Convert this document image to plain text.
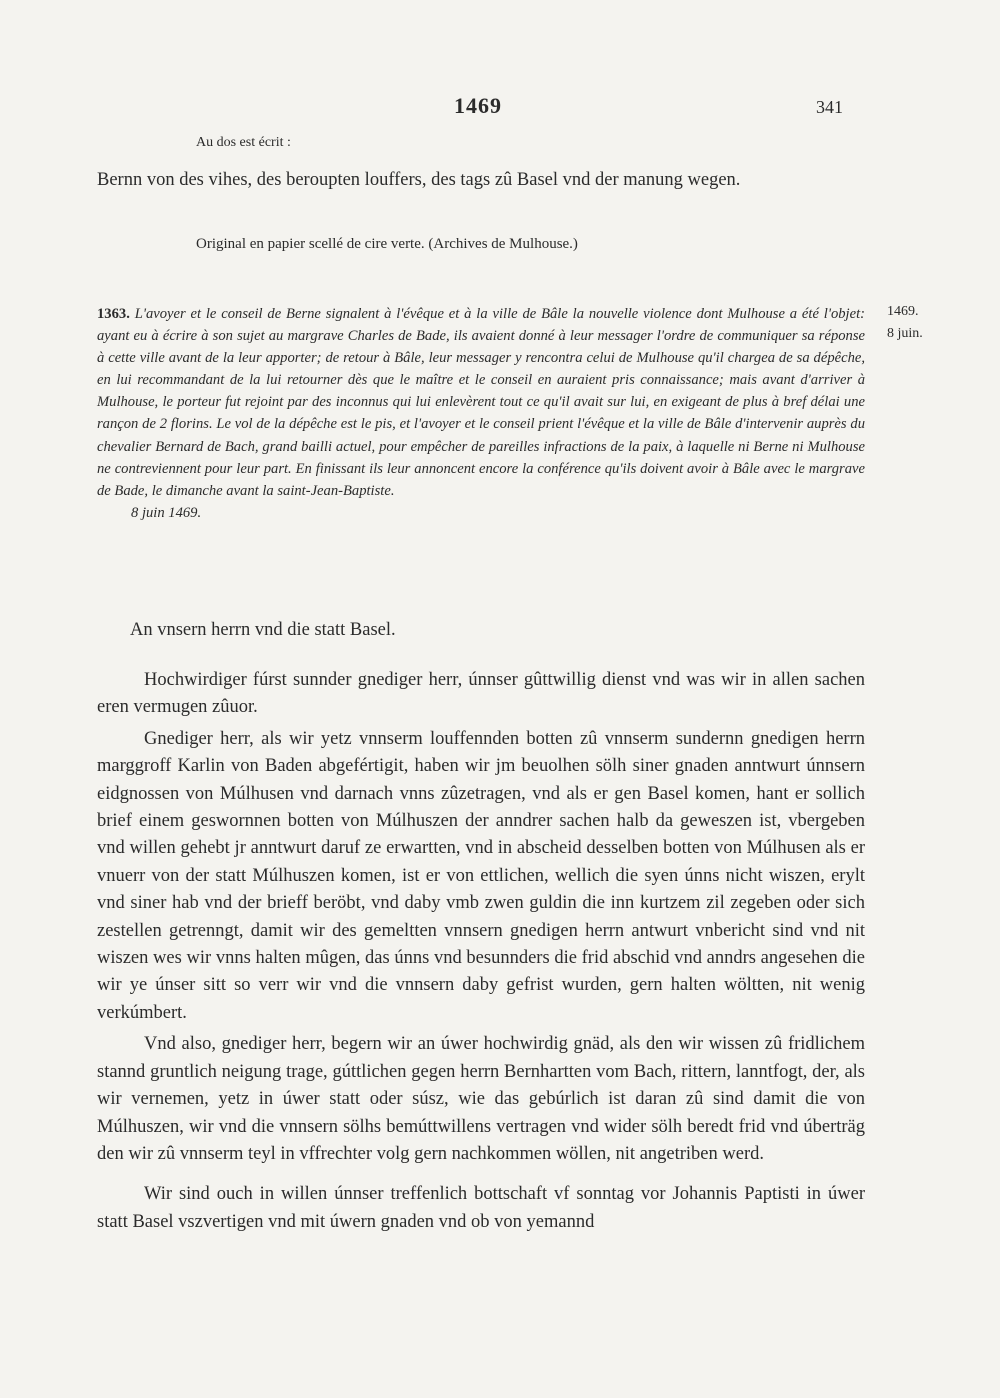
1469	341
Au dos est écrit :
Bernn von des vihes, des beroupten louffers, des tags zû Basel vnd der manung wegen.
Original en papier scellé de cire verte. (Archives de Mulhouse.)
1363. L'avoyer et le conseil de Berne signalent à l'évêque et à la ville de Bâle la nouvelle violence dont Mulhouse a été l'objet: ayant eu à écrire à son sujet au margrave Charles de Bade, ils avaient donné à leur messager l'ordre de communiquer sa réponse à cette ville avant de la leur apporter; de retour à Bâle, leur messager y rencontra celui de Mulhouse qu'il chargea de sa dépêche, en lui recommandant de la lui retourner dès que le maître et le conseil en auraient pris connaissance; mais avant d'arriver à Mulhouse, le porteur fut rejoint par des inconnus qui lui enlevèrent tout ce qu'il avait sur lui, en exigeant de plus à bref délai une rançon de 2 florins. Le vol de la dépêche est le pis, et l'avoyer et le conseil prient l'évêque et la ville de Bâle d'intervenir auprès du chevalier Bernard de Bach, grand bailli actuel, pour empêcher de pareilles infractions de la paix, à laquelle ni Berne ni Mulhouse ne contreviennent pour leur part. En finissant ils leur annoncent encore la conférence qu'ils doivent avoir à Bâle avec le margrave de Bade, le dimanche avant la saint-Jean-Baptiste.
8 juin 1469.
1469.
8 juin.
An vnsern herrn vnd die statt Basel.

Hochwirdiger fúrst sunnder gnediger herr, únnser gûttwillig dienst vnd was wir in allen sachen eren vermugen zûuor.

Gnediger herr, als wir yetz vnnserm louffennden botten zû vnnserm sundernn gnedigen herrn marggroff Karlin von Baden abgefértigit, haben wir jm beuolhen sölh siner gnaden anntwurt únnsern eidgnossen von Múlhusen vnd darnach vnns zûzetragen, vnd als er gen Basel komen, hant er sollich brief einem geswornnen botten von Múlhuszen der anndrer sachen halb da geweszen ist, vbergeben vnd willen gehebt jr anntwurt daruf ze erwartten, vnd in abscheid desselben botten von Múlhusen als er vnuerr von der statt Múlhuszen komen, ist er von ettlichen, wellich die syen únns nicht wiszen, erylt vnd siner hab vnd der brieff beröbt, vnd daby vmb zwen guldin die inn kurtzem zil zegeben oder sich zestellen getrenngt, damit wir des gemeltten vnnsern gnedigen herrn antwurt vnbericht sind vnd nit wiszen wes wir vnns halten mûgen, das únns vnd besunnders die frid abschid vnd anndrs angesehen die wir ye únser sitt so verr wir vnd die vnnsern daby gefrist wurden, gern halten wöltten, nit wenig verkúmbert.

Vnd also, gnediger herr, begern wir an úwer hochwirdig gnäd, als den wir wissen zû fridlichem stannd gruntlich neigung trage, gúttlichen gegen herrn Bernhartten vom Bach, rittern, lanntfogt, der, als wir vernemen, yetz in úwer statt oder súsz, wie das gebúrlich ist daran zû sind damit die von Múlhuszen, wir vnd die vnnsern sölhs bemúttwillens vertragen vnd wider sölh beredt frid vnd úberträg den wir zû vnnserm teyl in vffrechter volg gern nachkommen wöllen, nit angetriben werd.

Wir sind ouch in willen únnser treffenlich bottschaft vf sonntag vor Johannis Paptisti in úwer statt Basel vszvertigen vnd mit úwern gnaden vnd ob von yemannd
